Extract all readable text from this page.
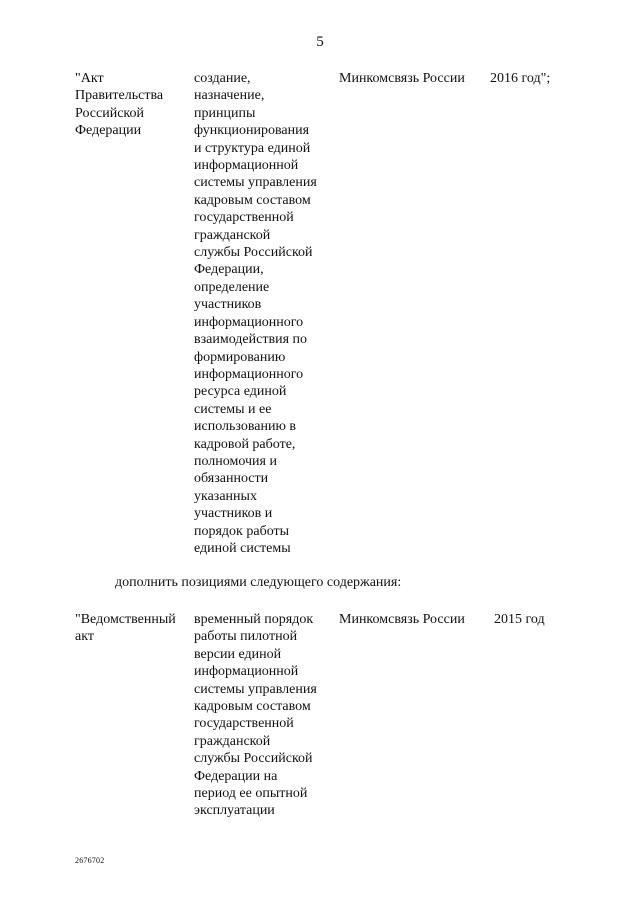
5
"Акт
Правительства
Российской
Федерации
создание,
назначение,
принципы
функционирования
и структура единой
информационной
системы управления
кадровым составом
государственной
гражданской
службы Российской
Федерации,
определение
участников
информационного
взаимодействия по
формированию
информационного
ресурса единой
системы и ее
использованию в
кадровой работе,
полномочия и
обязанности
указанных
участников и
порядок работы
единой системы
Минкомсвязь России	2016 год";
дополнить позициями следующего содержания:
"Ведомственный
акт
временный порядок
работы пилотной
версии единой
информационной
системы управления
кадровым составом
государственной
гражданской
службы Российской
Федерации на
период ее опытной
эксплуатации
Минкомсвязь России	2015 год
2676702
